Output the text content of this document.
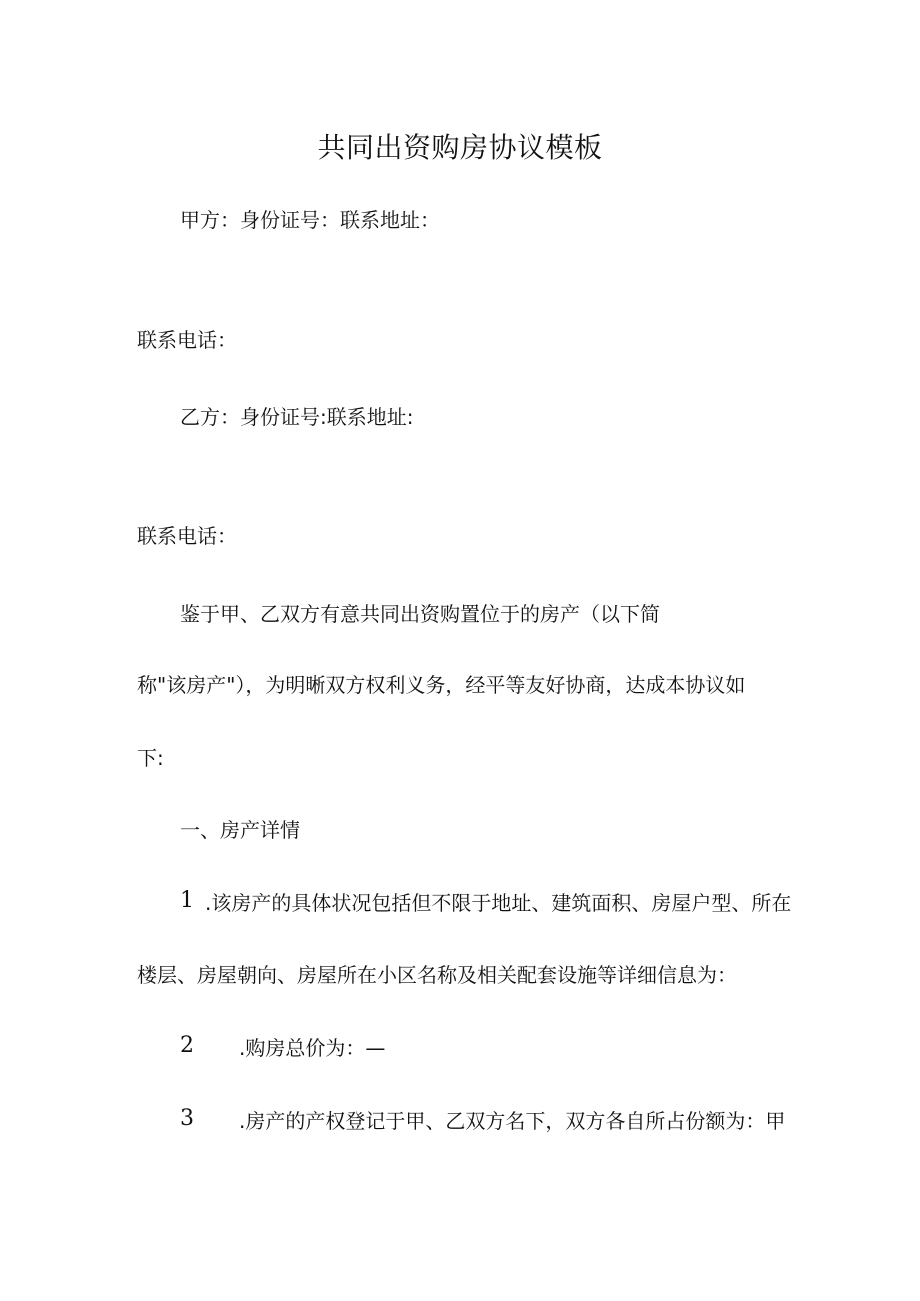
共同出资购房协议模板
甲方：身份证号：联系地址：
联系电话：
乙方：身份证号:联系地址:
联系电话：
鉴于甲、乙双方有意共同出资购置位于的房产（以下简
称"该房产"），为明晰双方权利义务，经平等友好协商，达成本协议如
下:
一、房产详情
1 .该房产的具体状况包括但不限于地址、建筑面积、房屋户型、所在
楼层、房屋朝向、房屋所在小区名称及相关配套设施等详细信息为：
2 .购房总价为：—
3 .房产的产权登记于甲、乙双方名下，双方各自所占份额为：甲
